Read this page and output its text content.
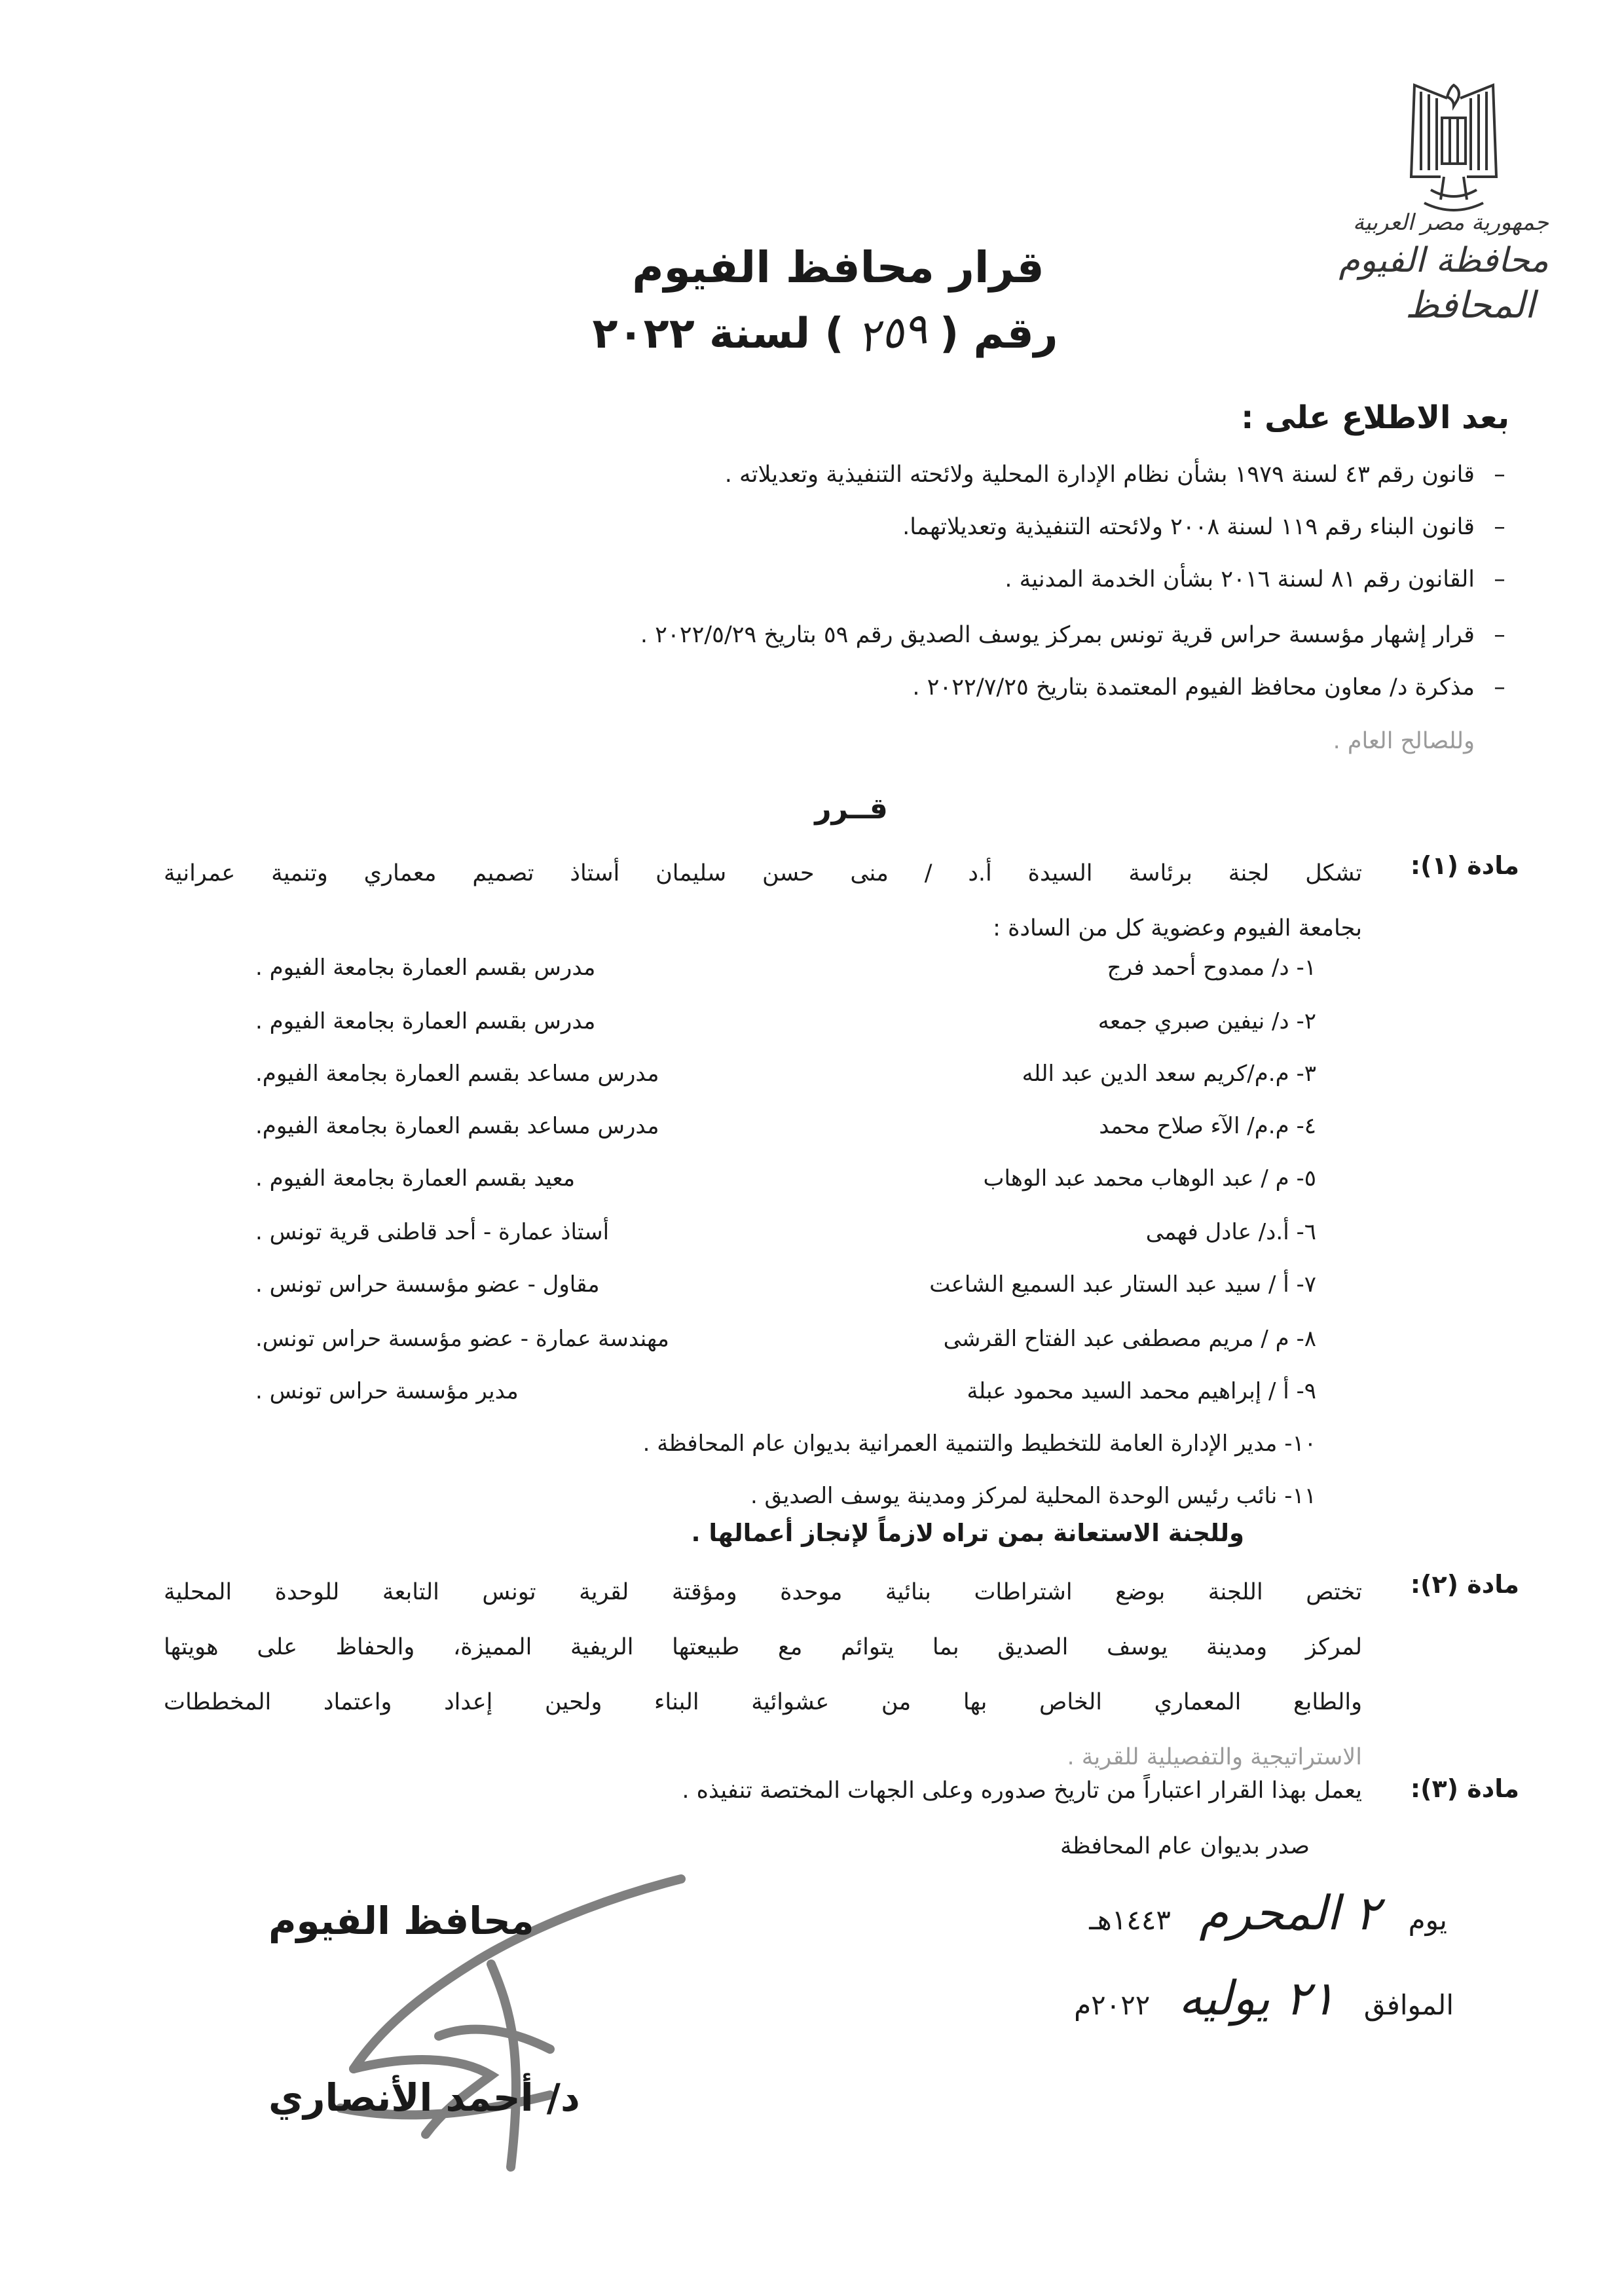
جمهورية مصر العربية
محافظة الفيوم
المحافظ
قرار محافظ الفيوم
رقم (٢٥٩) لسنة ٢٠٢٢
بعد الاطلاع على :
–
قانون رقم ٤٣ لسنة ١٩٧٩ بشأن نظام الإدارة المحلية ولائحته التنفيذية وتعديلاته .
–
قانون البناء رقم ١١٩ لسنة ٢٠٠٨ ولائحته التنفيذية وتعديلاتهما.
–
القانون رقم ٨١ لسنة ٢٠١٦ بشأن الخدمة المدنية .
–
قرار إشهار مؤسسة حراس قرية تونس بمركز يوسف الصديق رقم ٥٩ بتاريخ ٢٠٢٢/٥/٢٩ .
–
مذكرة د/ معاون محافظ الفيوم المعتمدة بتاريخ ٢٠٢٢/٧/٢٥ .
وللصالح العام .
قــرر
مادة (١):
تشكل لجنة برئاسة السيدة أ.د / منى حسن سليمان أستاذ تصميم معماري وتنمية عمرانية
بجامعة الفيوم وعضوية كل من السادة :
١- د/ ممدوح أحمد فرج
مدرس بقسم العمارة بجامعة الفيوم .
٢- د/ نيفين صبري جمعه
مدرس بقسم العمارة بجامعة الفيوم .
٣- م.م/كريم سعد الدين عبد الله
مدرس مساعد بقسم العمارة بجامعة الفيوم.
٤- م.م/ الآء صلاح محمد
مدرس مساعد بقسم العمارة بجامعة الفيوم.
٥- م / عبد الوهاب محمد عبد الوهاب
معيد بقسم العمارة بجامعة الفيوم .
٦- أ.د/ عادل فهمى
أستاذ عمارة - أحد قاطنى قرية تونس .
٧- أ / سيد عبد الستار عبد السميع الشاعت
مقاول - عضو مؤسسة حراس تونس .
٨- م / مريم مصطفى عبد الفتاح القرشى
مهندسة عمارة - عضو مؤسسة حراس تونس.
٩- أ / إبراهيم محمد السيد محمود عبلة
مدير مؤسسة حراس تونس .
١٠- مدير الإدارة العامة للتخطيط والتنمية العمرانية بديوان عام المحافظة .
١١- نائب رئيس الوحدة المحلية لمركز ومدينة يوسف الصديق .
وللجنة الاستعانة بمن تراه لازماً لإنجاز أعمالها .
مادة (٢):
تختص اللجنة بوضع اشتراطات بنائية موحدة ومؤقتة لقرية تونس التابعة للوحدة المحلية
لمركز ومدينة يوسف الصديق بما يتوائم مع طبيعتها الريفية المميزة، والحفاظ على هويتها
والطابع المعماري الخاص بها من عشوائية البناء ولحين إعداد واعتماد المخططات
الاستراتيجية والتفصيلية للقرية .
مادة (٣):
يعمل بهذا القرار اعتباراً من تاريخ صدوره وعلى الجهات المختصة تنفيذه .
صدر بديوان عام المحافظة
يوم ٢ المحرم ١٤٤٣هـ
الموافق ٢١ يوليه ٢٠٢٢م
محافظ الفيوم
د/ أحمد الأنصاري
